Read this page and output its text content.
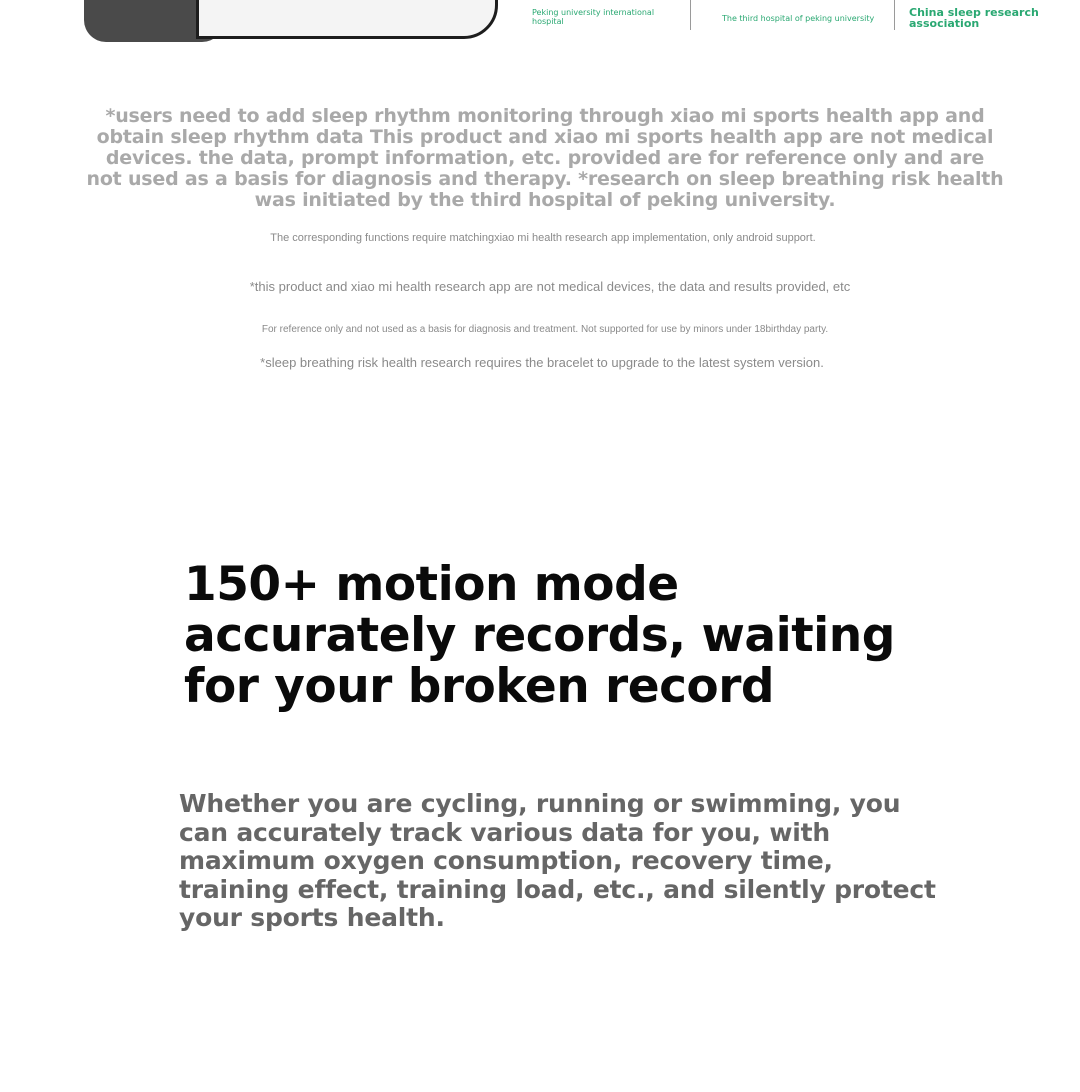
Peking university international hospital	The third hospital of peking university	China sleep research association

*users need to add sleep rhythm monitoring through xiao mi sports health app and obtain sleep rhythm data This product and xiao mi sports health app are not medical devices. the data, prompt information, etc. provided are for reference only and are not used as a basis for diagnosis and therapy. *research on sleep breathing risk health was initiated by the third hospital of peking university.

The corresponding functions require matchingxiao mi health research app implementation, only android support.

*this product and xiao mi health research app are not medical devices, the data and results provided, etc

For reference only and not used as a basis for diagnosis and treatment. Not supported for use by minors under 18birthday party.

*sleep breathing risk health research requires the bracelet to upgrade to the latest system version.

150+ motion mode accurately records, waiting for your broken record

Whether you are cycling, running or swimming, you can accurately track various data for you, with maximum oxygen consumption, recovery time, training effect, training load, etc., and silently protect your sports health.
